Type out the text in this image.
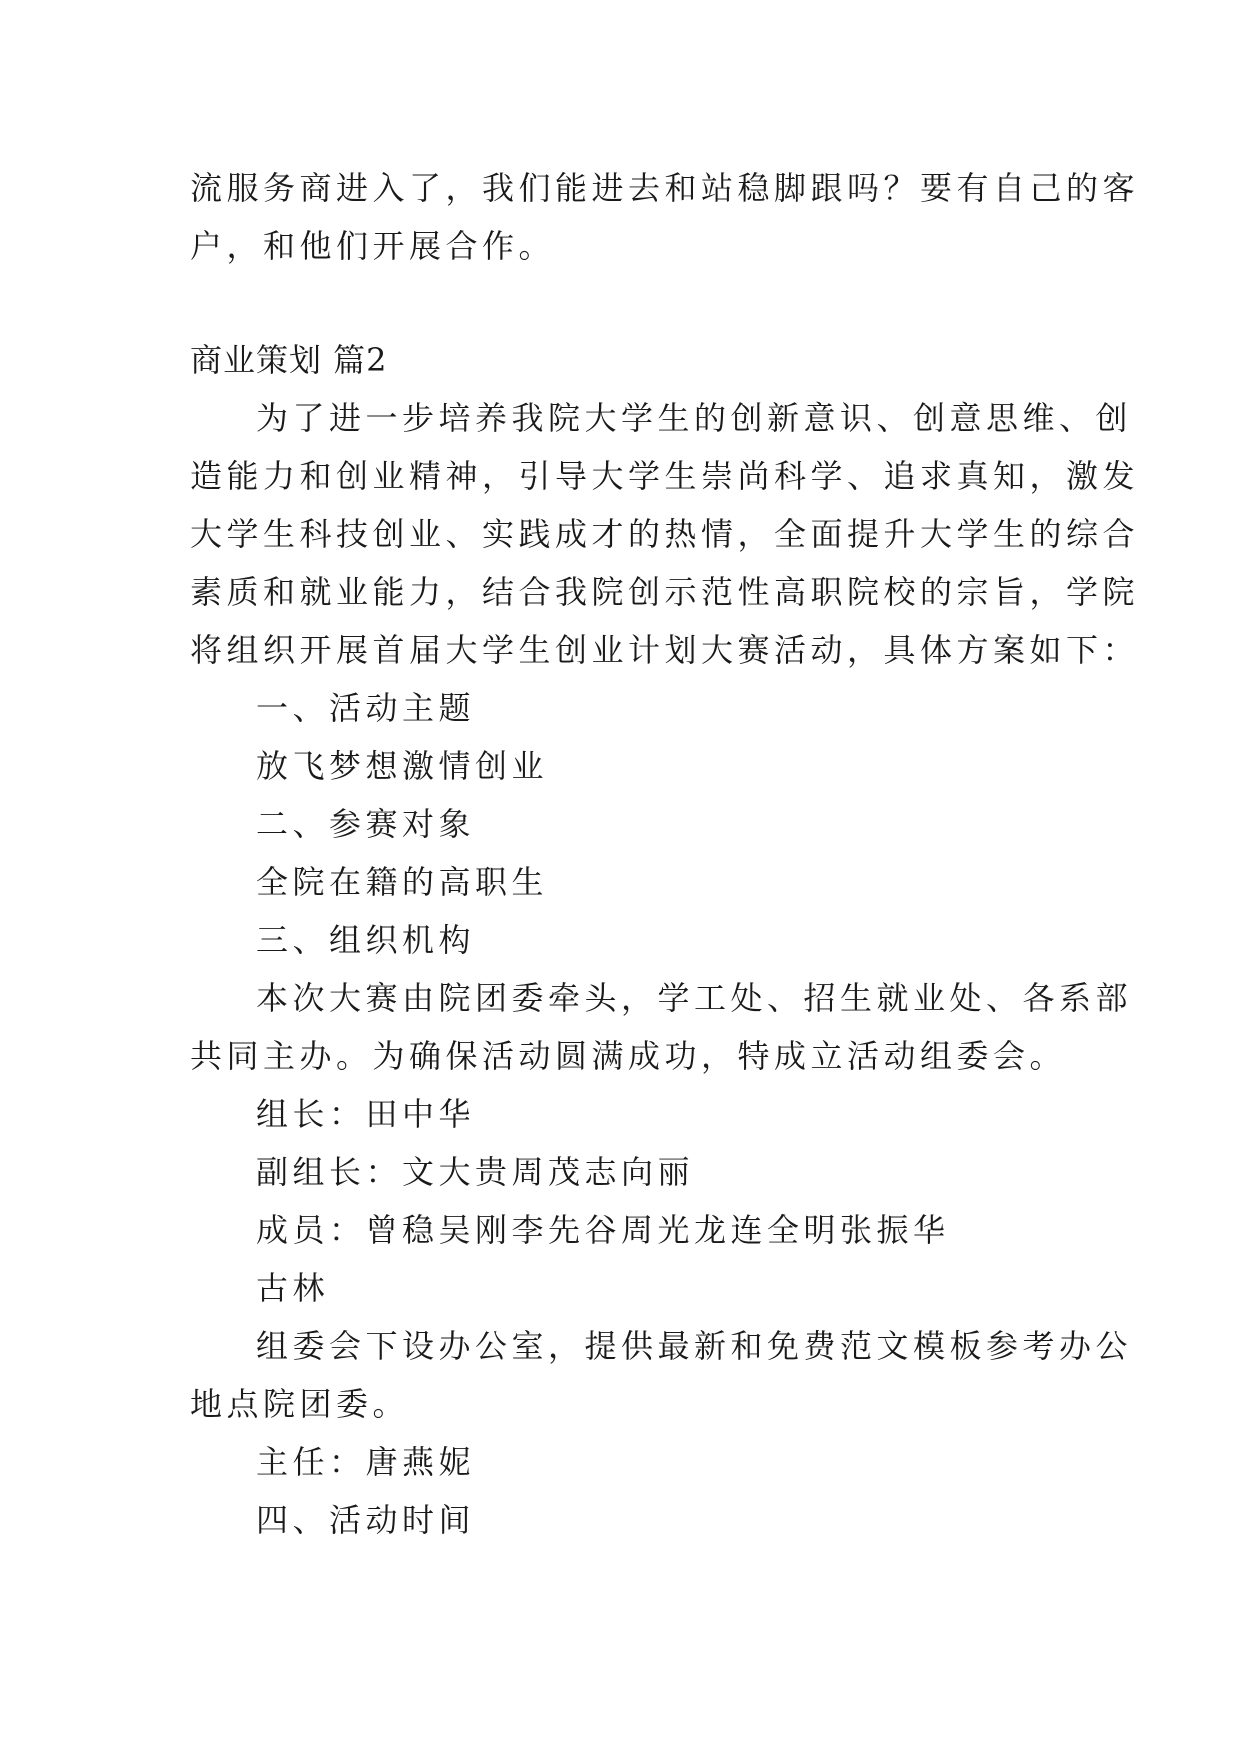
流服务商进入了，我们能进去和站稳脚跟吗？要有自己的客
户，和他们开展合作。
商业策划 篇2
为了进一步培养我院大学生的创新意识、创意思维、创
造能力和创业精神，引导大学生崇尚科学、追求真知，激发
大学生科技创业、实践成才的热情，全面提升大学生的综合
素质和就业能力，结合我院创示范性高职院校的宗旨，学院
将组织开展首届大学生创业计划大赛活动，具体方案如下：
一、活动主题
放飞梦想激情创业
二、参赛对象
全院在籍的高职生
三、组织机构
本次大赛由院团委牵头，学工处、招生就业处、各系部
共同主办。为确保活动圆满成功，特成立活动组委会。
组长：田中华
副组长：文大贵周茂志向丽
成员：曾稳吴刚李先谷周光龙连全明张振华
古林
组委会下设办公室，提供最新和免费范文模板参考办公
地点院团委。
主任：唐燕妮
四、活动时间
